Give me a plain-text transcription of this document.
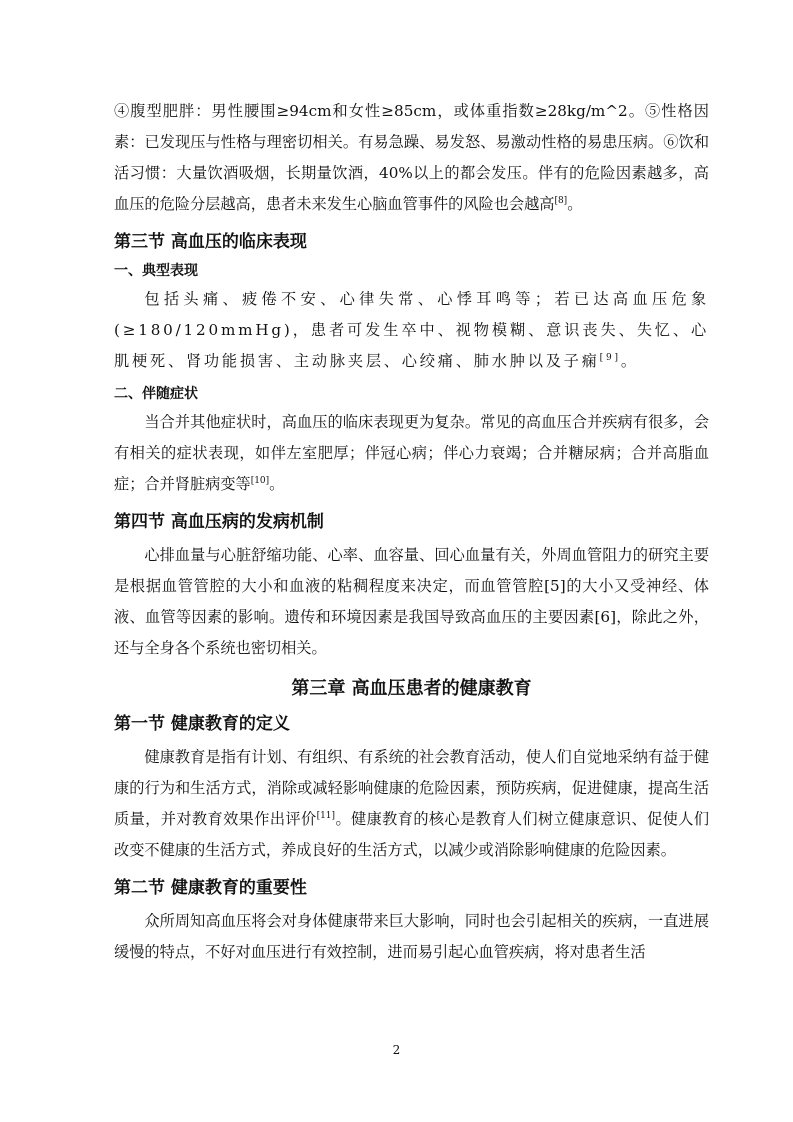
④腹型肥胖：男性腰围≥94cm和女性≥85cm，或体重指数≥28kg/m^2。⑤性格因素：已发现压与性格与理密切相关。有易急躁、易发怒、易激动性格的易患压病。⑥饮和活习惯：大量饮酒吸烟，长期量饮酒，40%以上的都会发压。伴有的危险因素越多，高血压的危险分层越高，患者未来发生心脑血管事件的风险也会越高[8]。

第三节 高血压的临床表现
一、典型表现

包括头痛、疲倦不安、心律失常、心悸耳鸣等；若已达高血压危象(≥180/120mmHg)，患者可发生卒中、视物模糊、意识丧失、失忆、心肌梗死、肾功能损害、主动脉夹层、心绞痛、肺水肿以及子痫[9]。

二、伴随症状

当合并其他症状时，高血压的临床表现更为复杂。常见的高血压合并疾病有很多，会有相关的症状表现，如伴左室肥厚；伴冠心病；伴心力衰竭；合并糖尿病；合并高脂血症；合并肾脏病变等[10]。

第四节 高血压病的发病机制

心排血量与心脏舒缩功能、心率、血容量、回心血量有关，外周血管阻力的研究主要是根据血管管腔的大小和血液的粘稠程度来决定，而血管管腔[5]的大小又受神经、体液、血管等因素的影响。遗传和环境因素是我国导致高血压的主要因素[6]，除此之外，还与全身各个系统也密切相关。

第三章 高血压患者的健康教育
第一节 健康教育的定义

健康教育是指有计划、有组织、有系统的社会教育活动，使人们自觉地采纳有益于健康的行为和生活方式，消除或减轻影响健康的危险因素，预防疾病，促进健康，提高生活质量，并对教育效果作出评价[11]。健康教育的核心是教育人们树立健康意识、促使人们改变不健康的生活方式，养成良好的生活方式，以减少或消除影响健康的危险因素。

第二节 健康教育的重要性

众所周知高血压将会对身体健康带来巨大影响，同时也会引起相关的疾病，一直进展缓慢的特点，不好对血压进行有效控制，进而易引起心血管疾病，将对患者生活

2
